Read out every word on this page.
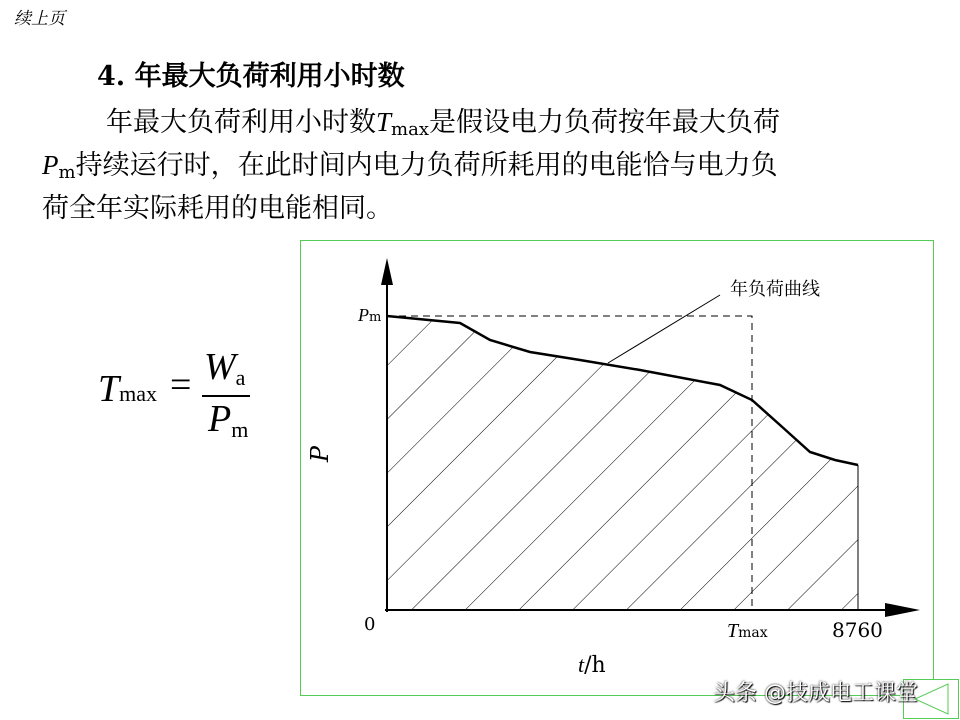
续上页
4. 年最大负荷利用小时数
年最大负荷利用小时数$T_{max}$是假设电力负荷按年最大负荷
$P_m$持续运行时，在此时间内电力负荷所耗用的电能恰与电力负
荷全年实际耗用的电能相同。
Tmax = Wa
Pm
年负荷曲线
P
Pm
0	Tmax	8760
t/h
头条 @技成电工课堂
